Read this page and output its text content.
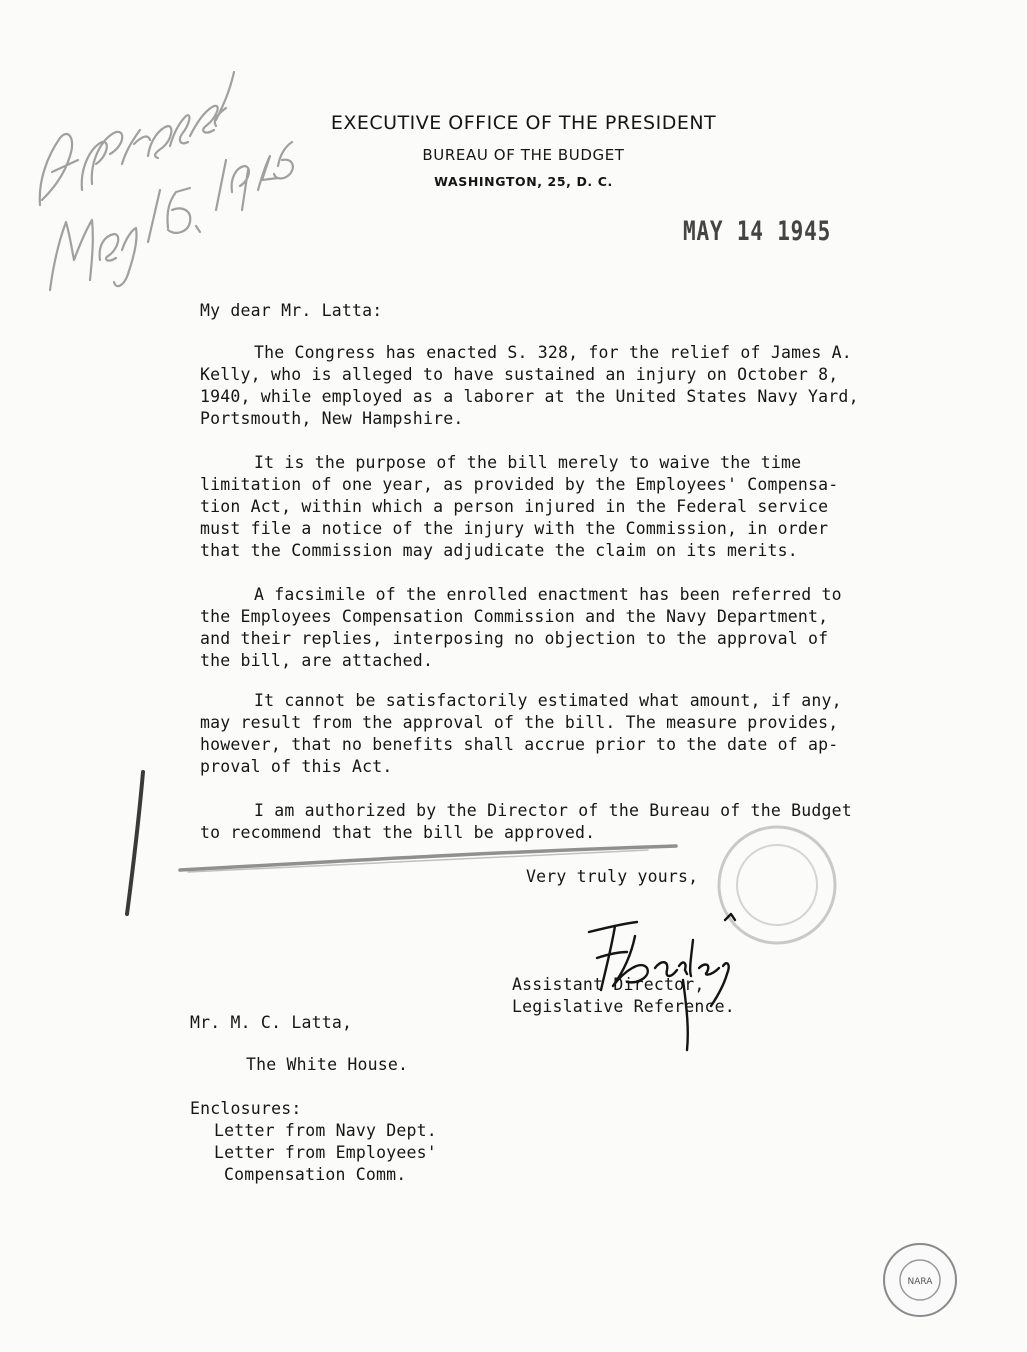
EXECUTIVE OFFICE OF THE PRESIDENT
BUREAU OF THE BUDGET
WASHINGTON, 25, D. C.
MAY 14 1945
My dear Mr. Latta:
The Congress has enacted S. 328, for the relief of James A.
Kelly, who is alleged to have sustained an injury on October 8,
1940, while employed as a laborer at the United States Navy Yard,
Portsmouth, New Hampshire.
It is the purpose of the bill merely to waive the time
limitation of one year, as provided by the Employees' Compensa-
tion Act, within which a person injured in the Federal service
must file a notice of the injury with the Commission, in order
that the Commission may adjudicate the claim on its merits.
A facsimile of the enrolled enactment has been referred to
the Employees Compensation Commission and the Navy Department,
and their replies, interposing no objection to the approval of
the bill, are attached.
It cannot be satisfactorily estimated what amount, if any,
may result from the approval of the bill. The measure provides,
however, that no benefits shall accrue prior to the date of ap-
proval of this Act.
I am authorized by the Director of the Bureau of the Budget
to recommend that the bill be approved.
Very truly yours,
Assistant Director,
Legislative Reference.
Mr. M. C. Latta,
The White House.
Enclosures:
Letter from Navy Dept.
Letter from Employees'
Compensation Comm.
NARA
